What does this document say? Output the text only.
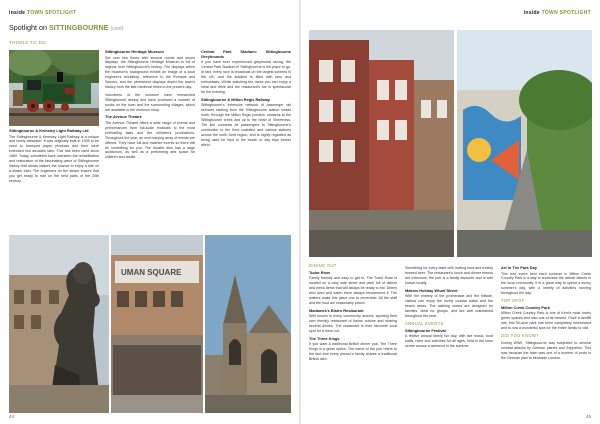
inside TOWN SPOTLIGHT
Spotlight on SITTINGBOURNE (cont)
THINGS TO DO
Sittingbourne & Kemsley Light Railway Ltd

The Sittingbourne & Kemsley Light Railway is a unique and lovely attraction. It was originally built in 1905 to be used to transport paper products and then were extended two decades later. This has been used since 1969. Today, volunteers have overseen the rehabilitation and restoration of the fascinating piece of Sittingbourne history that allows visitors the chance to enjoy a ride on a steam train. The engineers on the steam ensure that you get ready to ride on the best parts of the 20th century.

Sittingbourne Heritage Museum

Set over two floors with several rooms and seven displays, the Sittingbourne Heritage Museum is full of objects from Sittingbourne's history. The displays within the museum's background exhibit an image of a local engineer's workshop, reference to the Romans and Saxons, and the permanent displays depict the town's history from the late medieval times to the present day.

Volunteers of the museum have researched Sittingbourne deeply and have produced a number of books on the town and the surrounding villages, which are available in the museum shop.

The Avenue Theatre

The Avenue Theatre offers a wide range of events and performances from full-scale musicals to the most enthralling tales and the children's productions. Throughout the year, an ever-varying array of events are offered. They have full and matinee events so there will be something for you. The theatre also has a large auditorium, as well as a performing arts space for children and adults.

Central Park Stadium: Sittingbourne Greyhounds

If you have ever experienced greyhound racing, the Central Park Stadium in Sittingbourne is the place to go. In fact, every race is broadcast on the largest screens in the UK, and the stadium is filled with fans and enthusiasts. Whilst watching the races you can enjoy a meal and drink and the restaurant's bar is spectacular for the evening.

Sittingbourne & Milton Regis Railway

Sittingbourne's extensive network of passenger rail services starting from the Sittingbourne station heads north, through the Milton Regis junction, onwards to the Sittingbourne creek and up to the heart of Sheerness. The line connects its passengers to Sittingbourne's connection to the Kent coastline and various stations across the north Kent region, and is highly regarded as being used for trips to the beach or day trips further afield.

UMAN SQUARE
44
inside TOWN SPOTLIGHT
DINING OUT
Tudor Rose

Family friendly and easy to get to, The Tudor Rose is located on a cosy side street and pitch full of dishes and menu items that will always be ready to eat. Diners who lived and eaten there always recommend it. The waiters make this place one to remember. All the staff and the food are reasonably priced.

Madamek's Bistro Restaurant

Well known in every community around, sporting their own friendly restaurant of Italian cuisine and sharing several dishes. The restaurant is their favourite local spot for a meal out.

The Three Kings

If you want a traditional British dinner pub, The Three Kings is a great option. The name of the pub refers to the fact that every person's family shares a traditional British dish.

Something for every taste with inviting food and freshly brewed beer. The restaurant's lunch and dinner menus are extensive; the pub is a family favourite and is well known locally.

Makins Holiday Wharf Street

With the entirety of the promenade and the hillside, visitors can enjoy the lovely coastal walks and the beach areas. The walking routes are designed for families, ideal for groups, and are well maintained throughout the year.

ANNUAL EVENTS
Sittingbourne Festival

A festive annual family fun day, with live music, food stalls, rides and activities for all ages, held in the town centre across a weekend in the summer.

Art In The Park Day

This free event held each summer in Milton Creek Country Park is a way to showcase the artistic talents in the local community. It is a great way to spend a sunny summer's day, with a variety of activities running throughout the day.

TOP SPOT
Milton Creek Country Park

Milton Creek Country Park is one of Kent's most lovely green spaces and also one of its newest. Once a landfill site, this 50-acre park has been completely refurbished and is now a wonderful spot for the entire family to visit.

DID YOU KNOW?

During WWII, Sittingbourne was subjected to several combat attacks by German planes and Zeppelins. This was because the town was one of a number of ports in the German plan to blockade London.

45
